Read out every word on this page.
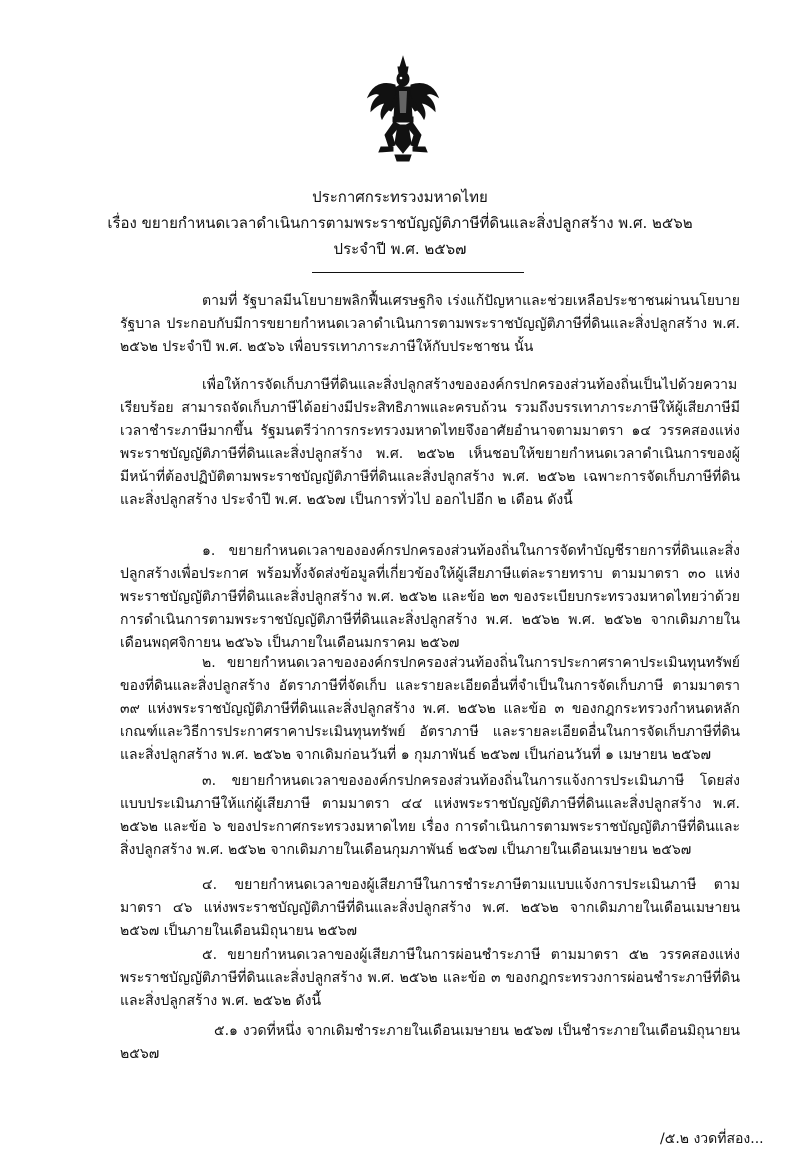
ประกาศกระทรวงมหาดไทย
เรื่อง ขยายกำหนดเวลาดำเนินการตามพระราชบัญญัติภาษีที่ดินและสิ่งปลูกสร้าง พ.ศ. ๒๕๖๒
ประจำปี พ.ศ. ๒๕๖๗

ตามที่ รัฐบาลมีนโยบายพลิกฟื้นเศรษฐกิจ เร่งแก้ปัญหาและช่วยเหลือประชาชนผ่านนโยบายรัฐบาล ประกอบกับมีการขยายกำหนดเวลาดำเนินการตามพระราชบัญญัติภาษีที่ดินและสิ่งปลูกสร้าง พ.ศ. ๒๕๖๒ ประจำปี พ.ศ. ๒๕๖๖ เพื่อบรรเทาภาระภาษีให้กับประชาชน นั้น

เพื่อให้การจัดเก็บภาษีที่ดินและสิ่งปลูกสร้างขององค์กรปกครองส่วนท้องถิ่นเป็นไปด้วยความเรียบร้อย สามารถจัดเก็บภาษีได้อย่างมีประสิทธิภาพและครบถ้วน รวมถึงบรรเทาภาระภาษีให้ผู้เสียภาษีมีเวลาชำระภาษีมากขึ้น รัฐมนตรีว่าการกระทรวงมหาดไทยจึงอาศัยอำนาจตามมาตรา ๑๔ วรรคสองแห่งพระราชบัญญัติภาษีที่ดินและสิ่งปลูกสร้าง พ.ศ. ๒๕๖๒ เห็นชอบให้ขยายกำหนดเวลาดำเนินการของผู้มีหน้าที่ต้องปฏิบัติตามพระราชบัญญัติภาษีที่ดินและสิ่งปลูกสร้าง พ.ศ. ๒๕๖๒ เฉพาะการจัดเก็บภาษีที่ดินและสิ่งปลูกสร้าง ประจำปี พ.ศ. ๒๕๖๗ เป็นการทั่วไป ออกไปอีก ๒ เดือน ดังนี้

๑. ขยายกำหนดเวลาขององค์กรปกครองส่วนท้องถิ่นในการจัดทำบัญชีรายการที่ดินและสิ่งปลูกสร้างเพื่อประกาศ พร้อมทั้งจัดส่งข้อมูลที่เกี่ยวข้องให้ผู้เสียภาษีแต่ละรายทราบ ตามมาตรา ๓๐ แห่งพระราชบัญญัติภาษีที่ดินและสิ่งปลูกสร้าง พ.ศ. ๒๕๖๒ และข้อ ๒๓ ของระเบียบกระทรวงมหาดไทยว่าด้วยการดำเนินการตามพระราชบัญญัติภาษีที่ดินและสิ่งปลูกสร้าง พ.ศ. ๒๕๖๒ พ.ศ. ๒๕๖๒ จากเดิมภายในเดือนพฤศจิกายน ๒๕๖๖ เป็นภายในเดือนมกราคม ๒๕๖๗

๒. ขยายกำหนดเวลาขององค์กรปกครองส่วนท้องถิ่นในการประกาศราคาประเมินทุนทรัพย์ของที่ดินและสิ่งปลูกสร้าง อัตราภาษีที่จัดเก็บ และรายละเอียดอื่นที่จำเป็นในการจัดเก็บภาษี ตามมาตรา ๓๙ แห่งพระราชบัญญัติภาษีที่ดินและสิ่งปลูกสร้าง พ.ศ. ๒๕๖๒ และข้อ ๓ ของกฎกระทรวงกำหนดหลักเกณฑ์และวิธีการประกาศราคาประเมินทุนทรัพย์ อัตราภาษี และรายละเอียดอื่นในการจัดเก็บภาษีที่ดินและสิ่งปลูกสร้าง พ.ศ. ๒๕๖๒ จากเดิมก่อนวันที่ ๑ กุมภาพันธ์ ๒๕๖๗ เป็นก่อนวันที่ ๑ เมษายน ๒๕๖๗

๓. ขยายกำหนดเวลาขององค์กรปกครองส่วนท้องถิ่นในการแจ้งการประเมินภาษี โดยส่งแบบประเมินภาษีให้แก่ผู้เสียภาษี ตามมาตรา ๔๔ แห่งพระราชบัญญัติภาษีที่ดินและสิ่งปลูกสร้าง พ.ศ. ๒๕๖๒ และข้อ ๖ ของประกาศกระทรวงมหาดไทย เรื่อง การดำเนินการตามพระราชบัญญัติภาษีที่ดินและสิ่งปลูกสร้าง พ.ศ. ๒๕๖๒ จากเดิมภายในเดือนกุมภาพันธ์ ๒๕๖๗ เป็นภายในเดือนเมษายน ๒๕๖๗

๔. ขยายกำหนดเวลาของผู้เสียภาษีในการชำระภาษีตามแบบแจ้งการประเมินภาษี ตามมาตรา ๔๖ แห่งพระราชบัญญัติภาษีที่ดินและสิ่งปลูกสร้าง พ.ศ. ๒๕๖๒ จากเดิมภายในเดือนเมษายน ๒๕๖๗ เป็นภายในเดือนมิถุนายน ๒๕๖๗

๕. ขยายกำหนดเวลาของผู้เสียภาษีในการผ่อนชำระภาษี ตามมาตรา ๕๒ วรรคสองแห่งพระราชบัญญัติภาษีที่ดินและสิ่งปลูกสร้าง พ.ศ. ๒๕๖๒ และข้อ ๓ ของกฎกระทรวงการผ่อนชำระภาษีที่ดินและสิ่งปลูกสร้าง พ.ศ. ๒๕๖๒ ดังนี้

๕.๑ งวดที่หนึ่ง จากเดิมชำระภายในเดือนเมษายน ๒๕๖๗ เป็นชำระภายในเดือนมิถุนายน ๒๕๖๗

/๕.๒ งวดที่สอง...
